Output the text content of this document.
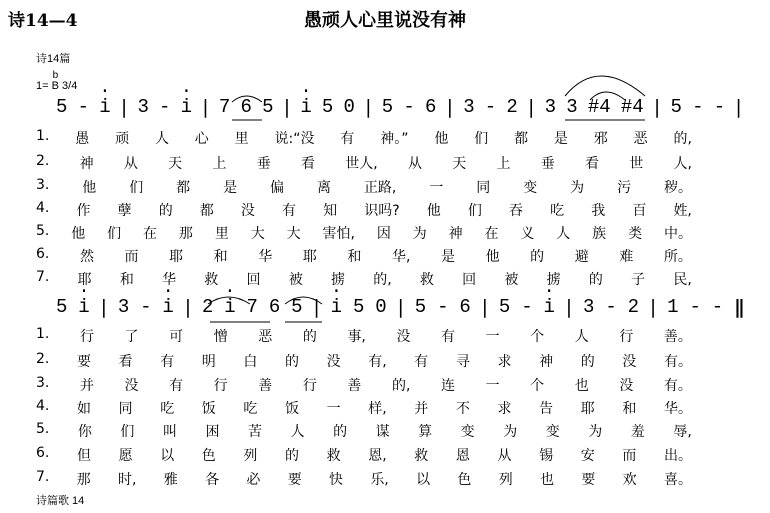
诗14—4	愚顽人心里说没有神
诗14篇
1=
b
B 3/4
5 - · i | 3 - · i | 7 6 5 | · i 5 0 | 5 - 6 | 3 - 2 | 3 3 #4 #4 | 5 - - |
1. 愚 顽 人 心 里 说:“没 有 神。” 他 们 都 是 邪 恶 的,
2. 神 从 天 上 垂 看 世人, 从 天 上 垂 看 世 人,
3. 他 们 都 是 偏 离 正路, 一 同 变 为 污 秽。
4. 作 孽 的 都 没 有 知 识吗? 他 们 吞 吃 我 百 姓,
5. 他 们 在 那 里 大 大 害怕, 因 为 神 在 义 人 族 类 中。
6. 然 而 耶 和 华 耶 和 华, 是 他 的 避 难 所。
7. 耶 和 华 救 回 被 掳 的, 救 回 被 掳 的 子 民,
5 · i | 3 - · i | 2 · i 7 6 5 | · i 5 0 | 5 - 6 | 5 - · i | 3 - 2 | 1 - - ||
1. 行 了 可 憎 恶 的 事, 没 有 一 个 人 行 善。
2. 要 看 有 明 白 的 没 有, 有 寻 求 神 的 没 有。
3. 并 没 有 行 善 行 善 的, 连 一 个 也 没 有。
4. 如 同 吃 饭 吃 饭 一 样, 并 不 求 告 耶 和 华。
5. 你 们 叫 困 苦 人 的 谋 算 变 为 变 为 羞 辱,
6. 但 愿 以 色 列 的 救 恩, 救 恩 从 锡 安 而 出。
7. 那 时, 雅 各 必 要 快 乐, 以 色 列 也 要 欢 喜。
诗篇歌 14
